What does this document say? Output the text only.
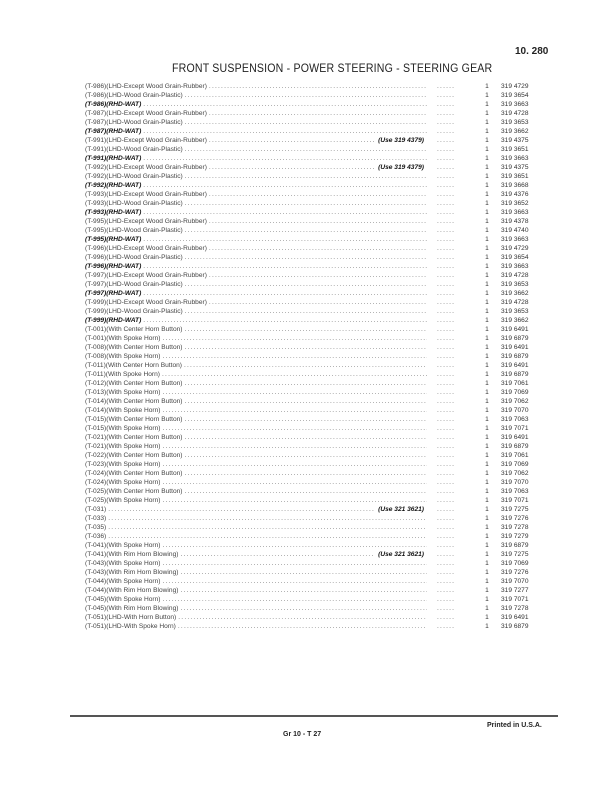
10. 280
FRONT SUSPENSION - POWER STEERING - STEERING GEAR
(T-986)(LHD-Except Wood Grain-Rubber) ..... ......	1	319 4729
(T-986)(LHD-Wood Grain-Plastic) ..... ......	1	319 3654
(T-986)(RHD-WAT) ..... ......	1	319 3663
(T-987)(LHD-Except Wood Grain-Rubber) ..... ......	1	319 4728
(T-987)(LHD-Wood Grain-Plastic) ..... ......	1	319 3653
(T-987)(RHD-WAT) ..... ......	1	319 3662
(T-991)(LHD-Except Wood Grain-Rubber) .....	(Use 319 4379) ......	1	319 4375
(T-991)(LHD-Wood Grain-Plastic) ..... ......	1	319 3651
(T-991)(RHD-WAT) ..... ......	1	319 3663
(T-992)(LHD-Except Wood Grain-Rubber) .....	(Use 319 4379) ......	1	319 4375
(T-992)(LHD-Wood Grain-Plastic) ..... ......	1	319 3651
(T-992)(RHD-WAT) ..... ......	1	319 3668
(T-993)(LHD-Except Wood Grain-Rubber) ..... ......	1	319 4376
(T-993)(LHD-Wood Grain-Plastic) ..... ......	1	319 3652
(T-993)(RHD-WAT) ..... ......	1	319 3663
(T-995)(LHD-Except Wood Grain-Rubber) ..... ......	1	319 4378
(T-995)(LHD-Wood Grain-Plastic) ..... ......	1	319 4740
(T-995)(RHD-WAT) ..... ......	1	319 3663
(T-996)(LHD-Except Wood Grain-Rubber) ..... ......	1	319 4729
(T-996)(LHD-Wood Grain-Plastic) ..... ......	1	319 3654
(T-996)(RHD-WAT) ..... ......	1	319 3663
(T-997)(LHD-Except Wood Grain-Rubber) ..... ......	1	319 4728
(T-997)(LHD-Wood Grain-Plastic) ..... ......	1	319 3653
(T-997)(RHD-WAT) ..... ......	1	319 3662
(T-999)(LHD-Except Wood Grain-Rubber) ..... ......	1	319 4728
(T-999)(LHD-Wood Grain-Plastic) ..... ......	1	319 3653
(T-999)(RHD-WAT) ..... ......	1	319 3662
(T-001)(With Center Horn Button) ..... ......	1	319 6491
(T-001)(With Spoke Horn) ..... ......	1	319 6879
(T-008)(With Center Horn Button) ..... ......	1	319 6491
(T-008)(With Spoke Horn) ..... ......	1	319 6879
(T-011)(With Center Horn Button) ..... ......	1	319 6491
(T-011)(With Spoke Horn) ..... ......	1	319 6879
(T-012)(With Center Horn Button) ..... ......	1	319 7061
(T-013)(With Spoke Horn) ..... ......	1	319 7069
(T-014)(With Center Horn Button) ..... ......	1	319 7062
(T-014)(With Spoke Horn) ..... ......	1	319 7070
(T-015)(With Center Horn Button) ..... ......	1	319 7063
(T-015)(With Spoke Horn) ..... ......	1	319 7071
(T-021)(With Center Horn Button) ..... ......	1	319 6491
(T-021)(With Spoke Horn) ..... ......	1	319 6879
(T-022)(With Center Horn Button) ..... ......	1	319 7061
(T-023)(With Spoke Horn) ..... ......	1	319 7069
(T-024)(With Center Horn Button) ..... ......	1	319 7062
(T-024)(With Spoke Horn) ..... ......	1	319 7070
(T-025)(With Center Horn Button) ..... ......	1	319 7063
(T-025)(With Spoke Horn) ..... ......	1	319 7071
(T-031) .....	(Use 321 3621) ......	1	319 7275
(T-033) ..... ......	1	319 7276
(T-035) ..... ......	1	319 7278
(T-036) ..... ......	1	319 7279
(T-041)(With Spoke Horn) ..... ......	1	319 6879
(T-041)(With Rim Horn Blowing) .....	(Use 321 3621) ......	1	319 7275
(T-043)(With Spoke Horn) ..... ......	1	319 7069
(T-043)(With Rim Horn Blowing) ..... ......	1	319 7276
(T-044)(With Spoke Horn) ..... ......	1	319 7070
(T-044)(With Rim Horn Blowing) ..... ......	1	319 7277
(T-045)(With Spoke Horn) ..... ......	1	319 7071
(T-045)(With Rim Horn Blowing) ..... ......	1	319 7278
(T-051)(LHD-With Horn Button) ..... ......	1	319 6491
(T-051)(LHD-With Spoke Horn) ..... ......	1	319 6879
Printed in U.S.A.
Gr 10 - T 27
